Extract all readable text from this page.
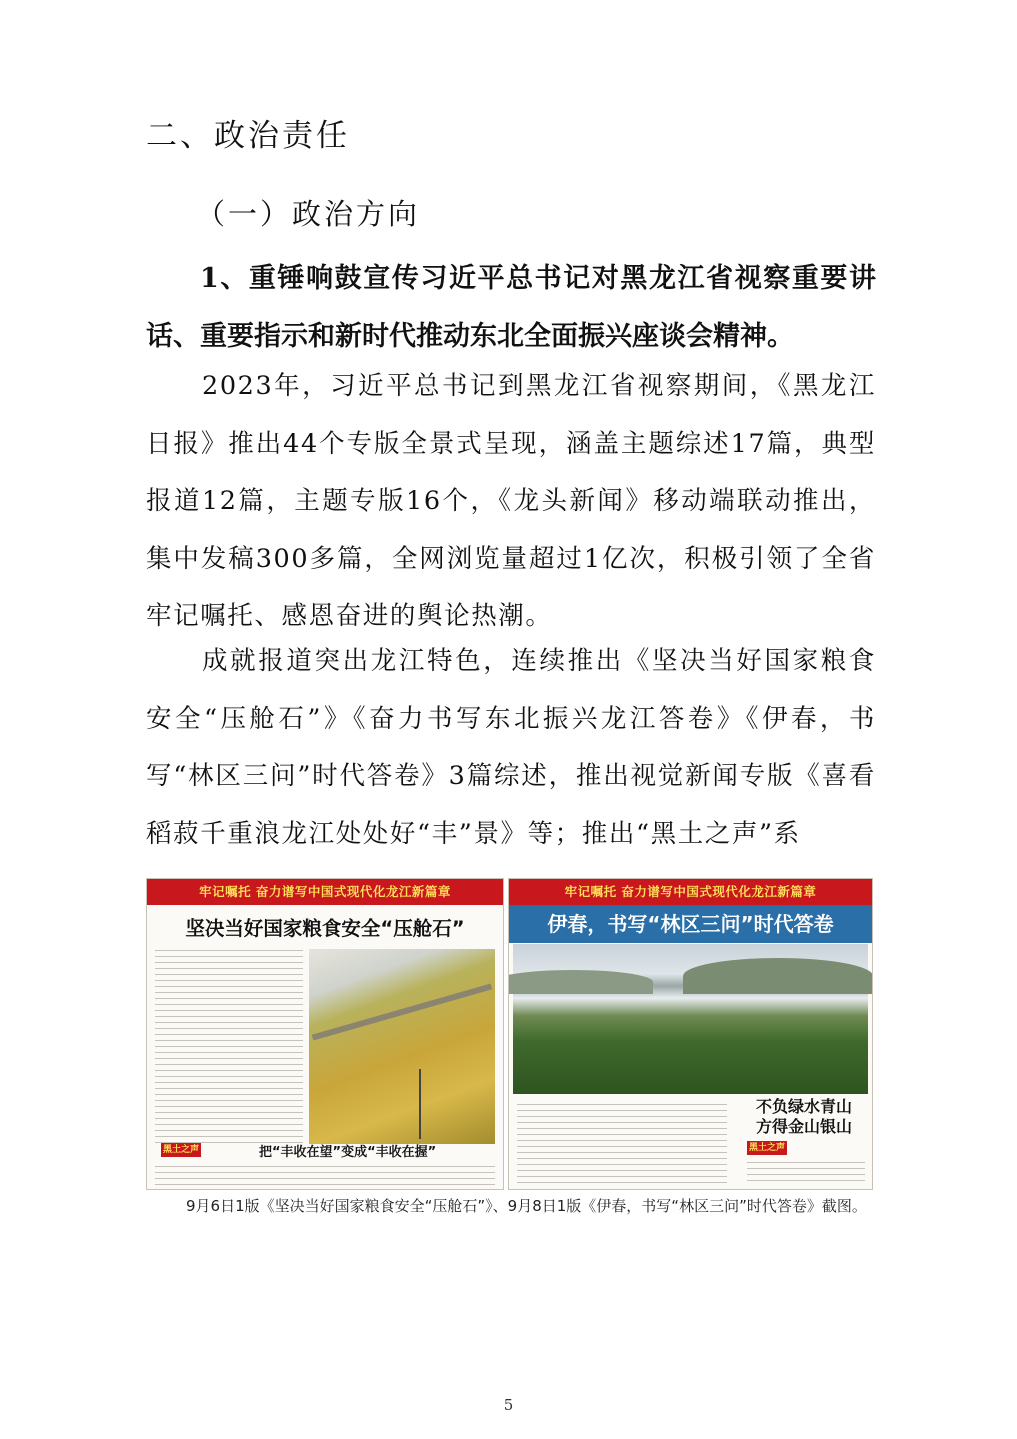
二、政治责任
（一）政治方向
1、重锤响鼓宣传习近平总书记对黑龙江省视察重要讲话、重要指示和新时代推动东北全面振兴座谈会精神。

2023年，习近平总书记到黑龙江省视察期间，《黑龙江日报》推出44个专版全景式呈现，涵盖主题综述17篇，典型报道12篇，主题专版16个，《龙头新闻》移动端联动推出，集中发稿300多篇，全网浏览量超过1亿次，积极引领了全省牢记嘱托、感恩奋进的舆论热潮。

成就报道突出龙江特色，连续推出《坚决当好国家粮食安全“压舱石”》《奋力书写东北振兴龙江答卷》《伊春，书写“林区三问”时代答卷》3篇综述，推出视觉新闻专版《喜看稻菽千重浪龙江处处好“丰”景》等；推出“黑土之声”系

牢记嘱托 奋力谱写中国式现代化龙江新篇章
坚决当好国家粮食安全“压舱石”
黑土之声	把“丰收在望”变成“丰收在握”
牢记嘱托 奋力谱写中国式现代化龙江新篇章
伊春，书写“林区三问”时代答卷
不负绿水青山
方得金山银山
黑土之声
9月6日1版《坚决当好国家粮食安全“压舱石”》、9月8日1版《伊春，书写“林区三问”时代答卷》截图。
5
